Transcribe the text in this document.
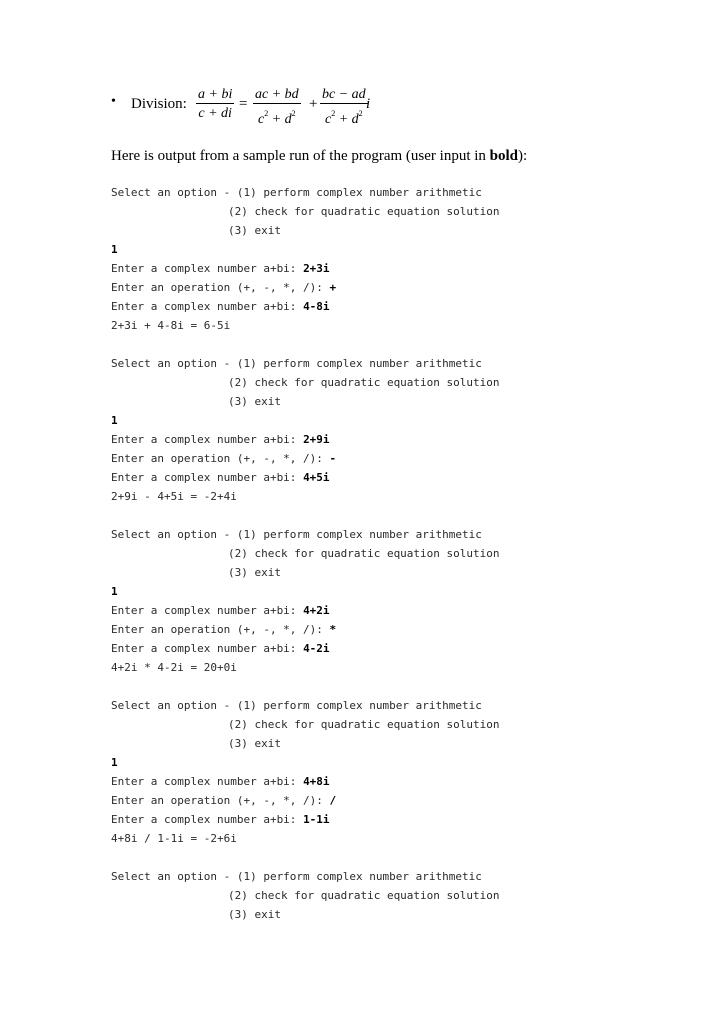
• Division: $\frac{a + bi}{c + di} = \frac{ac + bd}{c^2 + d^2} + \frac{bc - ad}{c^2 + d^2}$
i
Here is output from a sample run of the program (user input in bold):
Select an option - (1) perform complex number arithmetic
(2) check for quadratic equation solution
(3) exit
1
Enter a complex number a+bi: 2+3i
Enter an operation (+, -, *, /): +
Enter a complex number a+bi: 4-8i
2+3i + 4-8i = 6-5i
Select an option - (1) perform complex number arithmetic
(2) check for quadratic equation solution
(3) exit
1
Enter a complex number a+bi: 2+9i
Enter an operation (+, -, *, /): -
Enter a complex number a+bi: 4+5i
2+9i - 4+5i = -2+4i
Select an option - (1) perform complex number arithmetic
(2) check for quadratic equation solution
(3) exit
1
Enter a complex number a+bi: 4+2i
Enter an operation (+, -, *, /): *
Enter a complex number a+bi: 4-2i
4+2i * 4-2i = 20+0i
Select an option - (1) perform complex number arithmetic
(2) check for quadratic equation solution
(3) exit
1
Enter a complex number a+bi: 4+8i
Enter an operation (+, -, *, /): /
Enter a complex number a+bi: 1-1i
4+8i / 1-1i = -2+6i
Select an option - (1) perform complex number arithmetic
(2) check for quadratic equation solution
(3) exit
